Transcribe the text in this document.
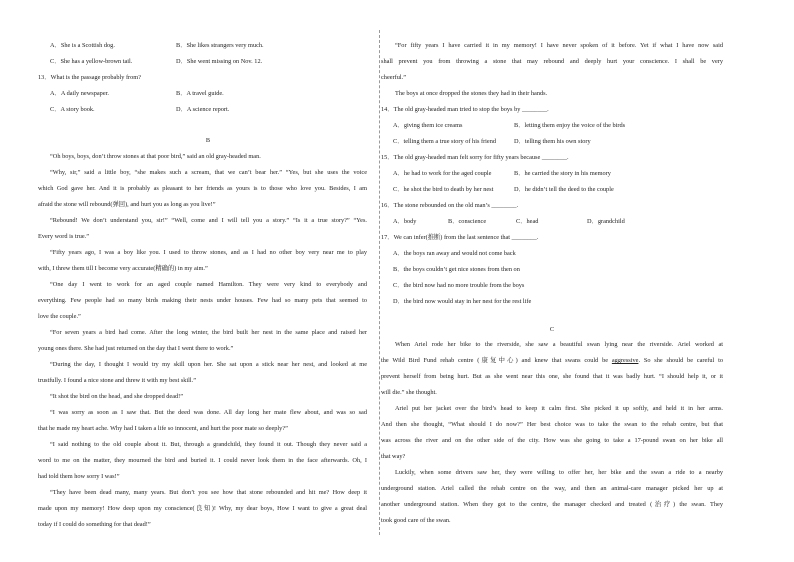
A．She is a Scottish dog.	B．She likes strangers very much.
C．She has a yellow-brown tail.	D．She went missing on Nov. 12.
13．What is the passage probably from?
A．A daily newspaper.	B．A travel guide.
C．A story book.	D．A science report.
B
“Oh boys, boys, don’t throw stones at that poor bird,” said an old gray-headed man.
“Why, sir,” said a little boy, “she makes such a scream, that we can’t bear her.” “Yes, but she uses the voice
which God gave her. And it is probably as pleasant to her friends as yours is to those who love you. Besides, I am
afraid the stone will rebound(弹回), and hurt you as long as you live!”
“Rebound! We don’t understand you, sir!” “Well, come and I will tell you a story.” “Is it a true story?” “Yes.
Every word is true.”
“Fifty years ago, I was a boy like you. I used to throw stones, and as I had no other boy very near me to play
with, I threw them till I become very accurate(精确的) in my aim.”
“One day I went to work for an aged couple named Hamilton. They were very kind to everybody and
everything. Few people had so many birds making their nests under houses. Few had so many pets that seemed to
love the couple.”
“For seven years a bird had come. After the long winter, the bird built her nest in the same place and raised her
young ones there. She had just returned on the day that I went there to work.”
“During the day, I thought I would try my skill upon her. She sat upon a stick near her nest, and looked at me
trustfully. I found a nice stone and threw it with my best skill.”
“It shot the bird on the head, and she dropped dead!”
“I was sorry as soon as I saw that. But the deed was done. All day long her mate flew about, and was so sad
that he made my heart ache. Why had I taken a life so innocent, and hurt the poor mate so deeply?”
“I said nothing to the old couple about it. But, through a grandchild, they found it out. Though they never said a
word to me on the matter, they mourned the bird and buried it. I could never look them in the face afterwards. Oh, I
had told them how sorry I was!”
“They have been dead many, many years. But don’t you see how that stone rebounded and hit me? How deep it
made upon my memory! How deep upon my conscience(良知)! Why, my dear boys, How I want to give a great deal
today if I could do something for that dead!”
“For fifty years I have carried it in my memory! I have never spoken of it before. Yet if what I have now said
shall prevent you from throwing a stone that may rebound and deeply hurt your conscience. I shall be very
cheerful.”
The boys at once dropped the stones they had in their hands.
14．The old gray-headed man tried to stop the boys by ________.
A．giving them ice creams	B．letting them enjoy the voice of the birds
C．telling them a true story of his friend	D．telling them his own story
15．The old gray-headed man felt sorry for fifty years because ________.
A．he had to work for the aged couple	B．he carried the story in his memory
C．he shot the bird to death by her nest	D．he didn’t tell the deed to the couple
16．The stone rebounded on the old man’s ________.
A．body	B．conscience	C．head	D．grandchild
17．We can infer(推断) from the last sentence that ________.
A．the boys ran away and would not come back
B．the boys couldn’t get nice stones from then on
C．the bird now had no more trouble from the boys
D．the bird now would stay in her nest for the rest life
C
When Ariel rode her bike to the riverside, she saw a beautiful swan lying near the riverside. Ariel worked at
the Wild Bird Fund rehab centre (康复中心) and knew that swans could be aggressive. So she should be careful to
prevent herself from being hurt. But as she went near this one, she found that it was badly hurt. “I should help it, or it
will die.” she thought.
Ariel put her jacket over the bird’s head to keep it calm first. She picked it up softly, and held it in her arms.
And then she thought, “What should I do now?” Her best choice was to take the swan to the rehab centre, but that
was across the river and on the other side of the city. How was she going to take a 17-pound swan on her bike all
that way?
Luckily, when some drivers saw her, they were willing to offer her, her bike and the swan a ride to a nearby
underground station. Ariel called the rehab centre on the way, and then an animal-care manager picked her up at
another underground station. When they got to the centre, the manager checked and treated (治疗) the swan. They
took good care of the swan.
